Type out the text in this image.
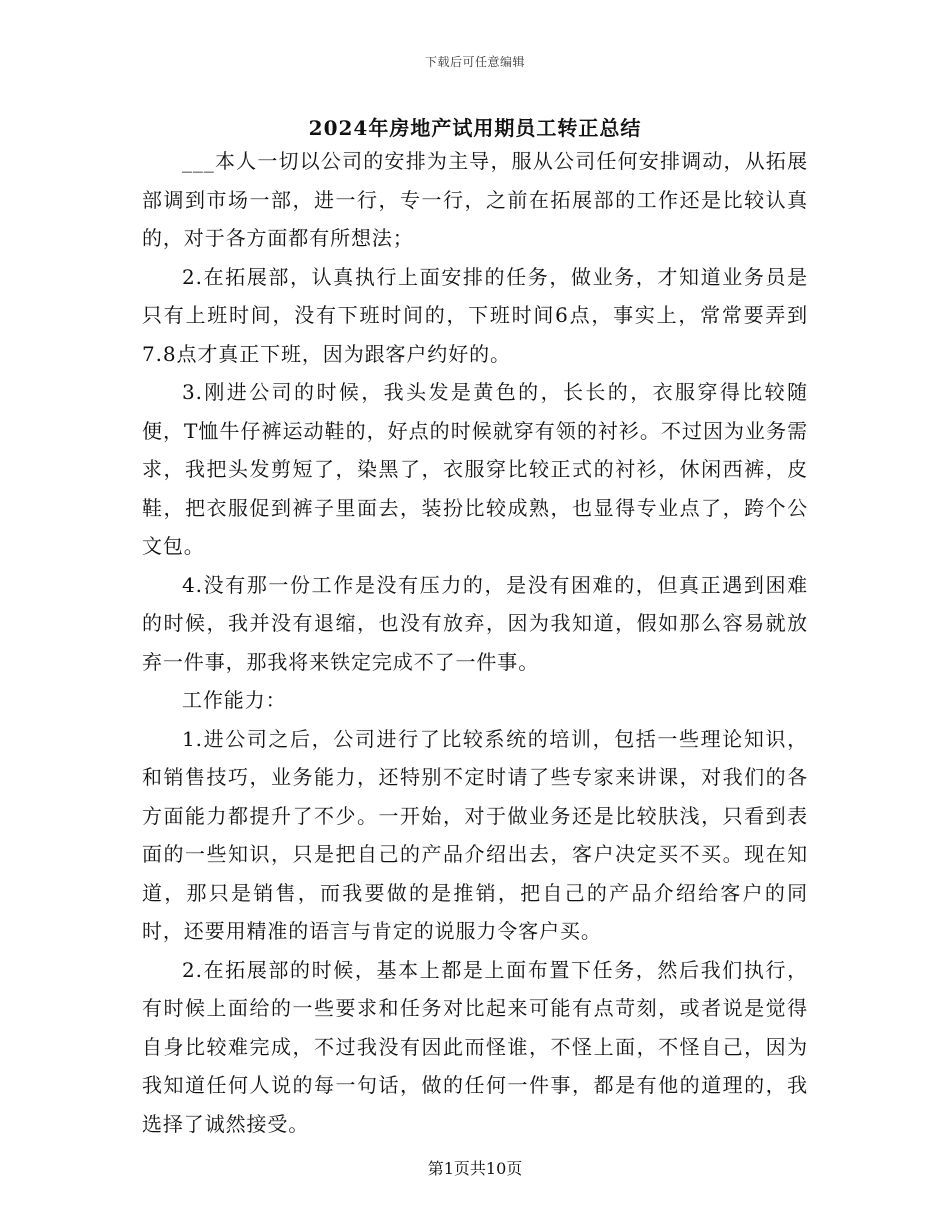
下载后可任意编辑
2024年房地产试用期员工转正总结

___本人一切以公司的安排为主导，服从公司任何安排调动，从拓展部调到市场一部，进一行，专一行，之前在拓展部的工作还是比较认真的，对于各方面都有所想法；

2.在拓展部，认真执行上面安排的任务，做业务，才知道业务员是只有上班时间，没有下班时间的，下班时间6点，事实上，常常要弄到7.8点才真正下班，因为跟客户约好的。

3.刚进公司的时候，我头发是黄色的，长长的，衣服穿得比较随便，T恤牛仔裤运动鞋的，好点的时候就穿有领的衬衫。不过因为业务需求，我把头发剪短了，染黑了，衣服穿比较正式的衬衫，休闲西裤，皮鞋，把衣服促到裤子里面去，装扮比较成熟，也显得专业点了，跨个公文包。

4.没有那一份工作是没有压力的，是没有困难的，但真正遇到困难的时候，我并没有退缩，也没有放弃，因为我知道，假如那么容易就放弃一件事，那我将来铁定完成不了一件事。

工作能力：

1.进公司之后，公司进行了比较系统的培训，包括一些理论知识，和销售技巧，业务能力，还特别不定时请了些专家来讲课，对我们的各方面能力都提升了不少。一开始，对于做业务还是比较肤浅，只看到表面的一些知识，只是把自己的产品介绍出去，客户决定买不买。现在知道，那只是销售，而我要做的是推销，把自己的产品介绍给客户的同时，还要用精准的语言与肯定的说服力令客户买。

2.在拓展部的时候，基本上都是上面布置下任务，然后我们执行，有时候上面给的一些要求和任务对比起来可能有点苛刻，或者说是觉得自身比较难完成，不过我没有因此而怪谁，不怪上面，不怪自己，因为我知道任何人说的每一句话，做的任何一件事，都是有他的道理的，我选择了诚然接受。

第1页共10页
